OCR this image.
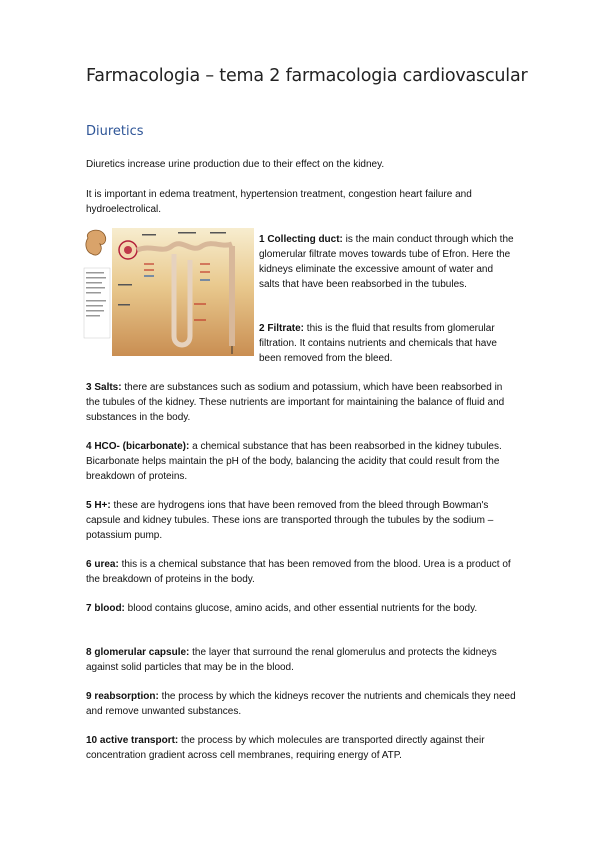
Farmacologia – tema 2 farmacologia cardiovascular
Diuretics

Diuretics increase urine production due to their effect on the kidney.

It is important in edema treatment, hypertension treatment, congestion heart failure and hydroelectrolical.

1 Collecting duct: is the main conduct through which the glomerular filtrate moves towards tube of Efron. Here the kidneys eliminate the excessive amount of water and salts that have been reabsorbed in the tubules.

2 Filtrate: this is the fluid that results from glomerular filtration. It contains nutrients and chemicals that have been removed from the bleed.

3 Salts: there are substances such as sodium and potassium, which have been reabsorbed in the tubules of the kidney. These nutrients are important for maintaining the balance of fluid and substances in the body.

4 HCO- (bicarbonate): a chemical substance that has been reabsorbed in the kidney tubules. Bicarbonate helps maintain the pH of the body, balancing the acidity that could result from the breakdown of proteins.

5 H+: these are hydrogens ions that have been removed from the bleed through Bowman's capsule and kidney tubules. These ions are transported through the tubules by the sodium – potassium pump.

6 urea: this is a chemical substance that has been removed from the blood. Urea is a product of the breakdown of proteins in the body.

7 blood: blood contains glucose, amino acids, and other essential nutrients for the body.

8 glomerular capsule: the layer that surround the renal glomerulus and protects the kidneys against solid particles that may be in the blood.

9 reabsorption: the process by which the kidneys recover the nutrients and chemicals they need and remove unwanted substances.

10 active transport: the process by which molecules are transported directly against their concentration gradient across cell membranes, requiring energy of ATP.
